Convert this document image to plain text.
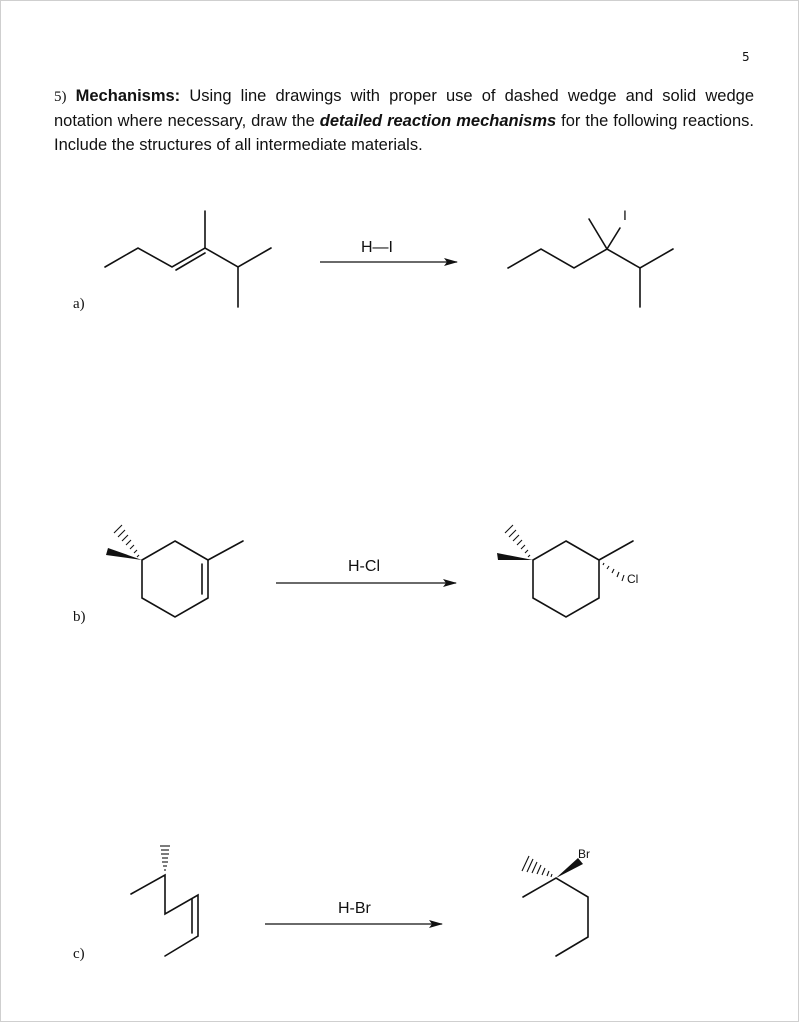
5
5) Mechanisms: Using line drawings with proper use of dashed wedge and solid wedge notation where necessary, draw the detailed reaction mechanisms for the following reactions. Include the structures of all intermediate materials.
a)
b)
c)
H—I
I
H-Cl
Cl
H-Br
Br
